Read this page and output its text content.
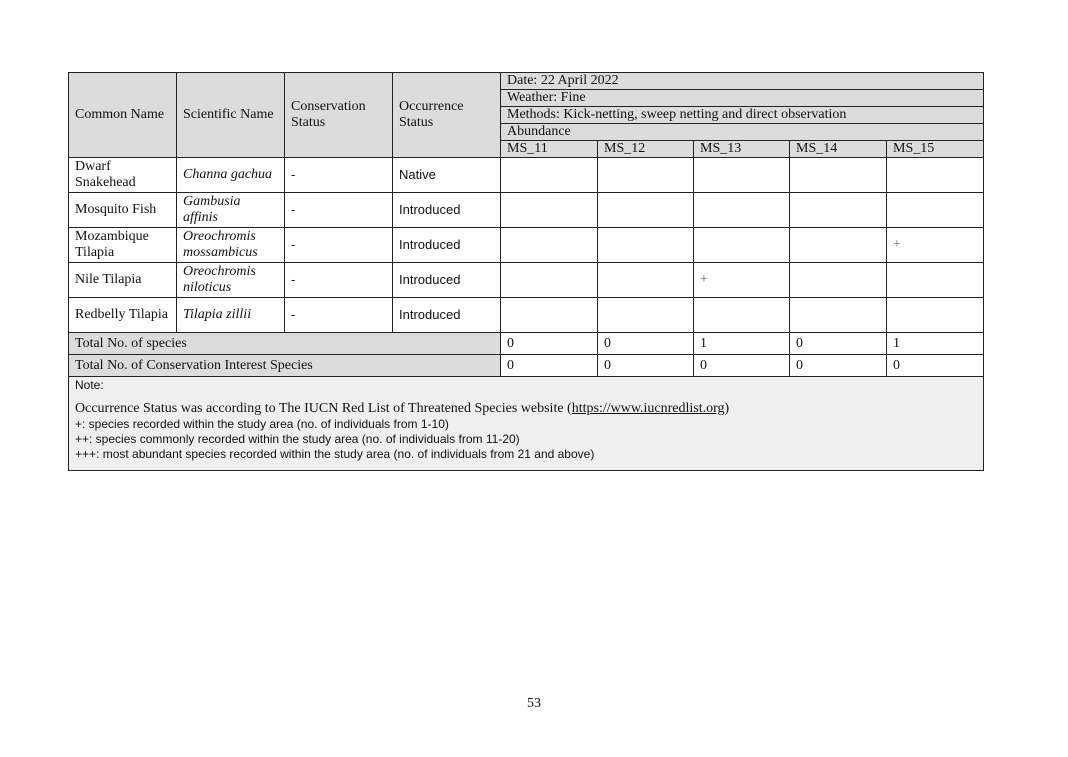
Common Name	Scientific Name	Conservation Status	Occurrence Status	Date: 22 April 2022				
				Weather: Fine				
				Methods: Kick-netting, sweep netting and direct observation				
				Abundance				
				MS_11	MS_12	MS_13	MS_14	MS_15
Dwarf Snakehead	Channa gachua	-	Native					
Mosquito Fish	Gambusia affinis	-	Introduced					
Mozambique Tilapia	Oreochromis mossambicus	-	Introduced					+
Nile Tilapia	Oreochromis niloticus	-	Introduced			+		
Redbelly Tilapia	Tilapia zillii	-	Introduced					
Total No. of species				0	0	1	0	1
Total No. of Conservation Interest Species				0	0	0	0	0

Note:
Occurrence Status was according to The IUCN Red List of Threatened Species website (https://www.iucnredlist.org)
+: species recorded within the study area (no. of individuals from 1-10)
++: species commonly recorded within the study area (no. of individuals from 11-20)
+++: most abundant species recorded within the study area (no. of individuals from 21 and above)								
53
